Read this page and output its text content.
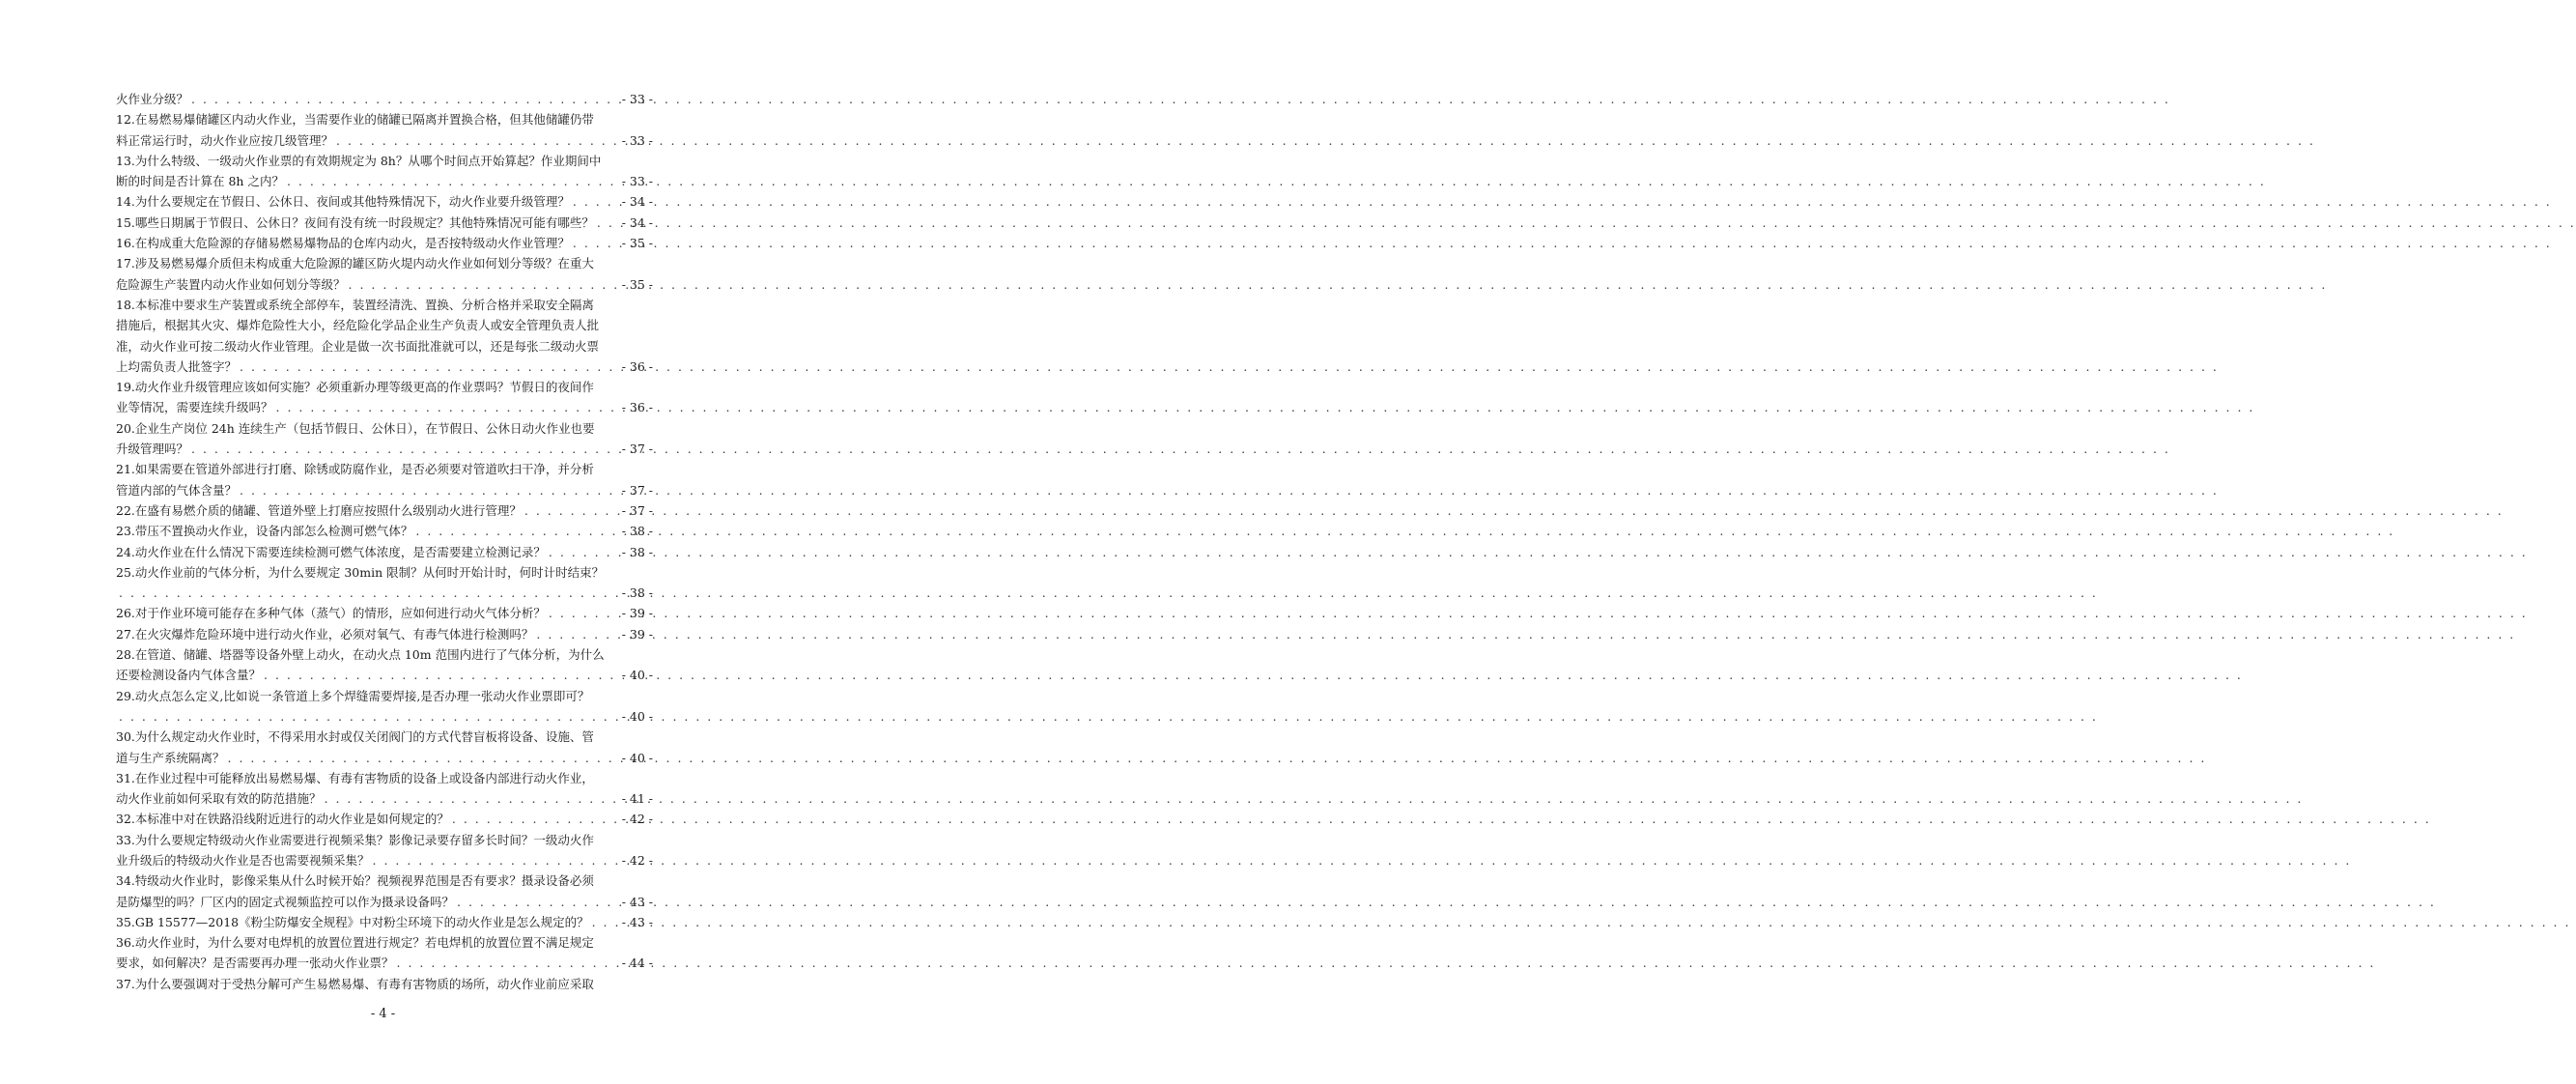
火作业分级？ . . .	- 33 -
12.在易燃易爆储罐区内动火作业，当需要作业的储罐已隔离并置换合格，但其他储罐仍带
料正常运行时，动火作业应按几级管理？ . . .	- 33 -
13.为什么特级、一级动火作业票的有效期规定为 8h？从哪个时间点开始算起？作业期间中
断的时间是否计算在 8h 之内？ . . .	- 33 -
14.为什么要规定在节假日、公休日、夜间或其他特殊情况下，动火作业要升级管理？ . . .	- 34 -
15.哪些日期属于节假日、公休日？夜间有没有统一时段规定？其他特殊情况可能有哪些？ . . . - 34 -
16.在构成重大危险源的存储易燃易爆物品的仓库内动火，是否按特级动火作业管理？ . . .	- 35 -
17.涉及易燃易爆介质但未构成重大危险源的罐区防火堤内动火作业如何划分等级？在重大
危险源生产装置内动火作业如何划分等级？ . . .	- 35 -
18.本标准中要求生产装置或系统全部停车，装置经清洗、置换、分析合格并采取安全隔离
措施后，根据其火灾、爆炸危险性大小，经危险化学品企业生产负责人或安全管理负责人批
准，动火作业可按二级动火作业管理。企业是做一次书面批准就可以，还是每张二级动火票
上均需负责人批签字？ . . .	- 36 -
19.动火作业升级管理应该如何实施？必须重新办理等级更高的作业票吗？节假日的夜间作
业等情况，需要连续升级吗？ . . .	- 36 -
20.企业生产岗位 24h 连续生产（包括节假日、公休日），在节假日、公休日动火作业也要
升级管理吗？ . . .	- 37 -
21.如果需要在管道外部进行打磨、除锈或防腐作业，是否必须要对管道吹扫干净，并分析
管道内部的气体含量？ . . .	- 37 -
22.在盛有易燃介质的储罐、管道外壁上打磨应按照什么级别动火进行管理？ . . .	- 37 -
23.带压不置换动火作业，设备内部怎么检测可燃气体？ . . .	- 38 -
24.动火作业在什么情况下需要连续检测可燃气体浓度，是否需要建立检测记录？ . . .	- 38 -
25.动火作业前的气体分析，为什么要规定 30min 限制？从何时开始计时，何时计时结束？
. . .
- 38 -
26.对于作业环境可能存在多种气体（蒸气）的情形，应如何进行动火气体分析？ . . .	- 39 -
27.在火灾爆炸危险环境中进行动火作业，必须对氧气、有毒气体进行检测吗？ . . .	- 39 -
28.在管道、储罐、塔器等设备外壁上动火，在动火点 10m 范围内进行了气体分析，为什么
还要检测设备内气体含量？ . . .	- 40 -
29.动火点怎么定义,比如说一条管道上多个焊缝需要焊接,是否办理一张动火作业票即可？
. . .
- 40 -
30.为什么规定动火作业时，不得采用水封或仅关闭阀门的方式代替盲板将设备、设施、管
道与生产系统隔离？ . . .	- 40 -
31.在作业过程中可能释放出易燃易爆、有毒有害物质的设备上或设备内部进行动火作业，
动火作业前如何采取有效的防范措施？ . . .	- 41 -
32.本标准中对在铁路沿线附近进行的动火作业是如何规定的？ . . .	- 42 -
33.为什么要规定特级动火作业需要进行视频采集？影像记录要存留多长时间？一级动火作
业升级后的特级动火作业是否也需要视频采集？ . . .	- 42 -
34.特级动火作业时，影像采集从什么时候开始？视频视界范围是否有要求？摄录设备必须
是防爆型的吗？厂区内的固定式视频监控可以作为摄录设备吗？ . . .	- 43 -
35.GB 15577—2018《粉尘防爆安全规程》中对粉尘环境下的动火作业是怎么规定的？ . . .	- 43 -
36.动火作业时，为什么要对电焊机的放置位置进行规定？若电焊机的放置位置不满足规定
要求，如何解决？是否需要再办理一张动火作业票？ . . .	- 44 -
37.为什么要强调对于受热分解可产生易燃易爆、有毒有害物质的场所，动火作业前应采取
- 4 -
